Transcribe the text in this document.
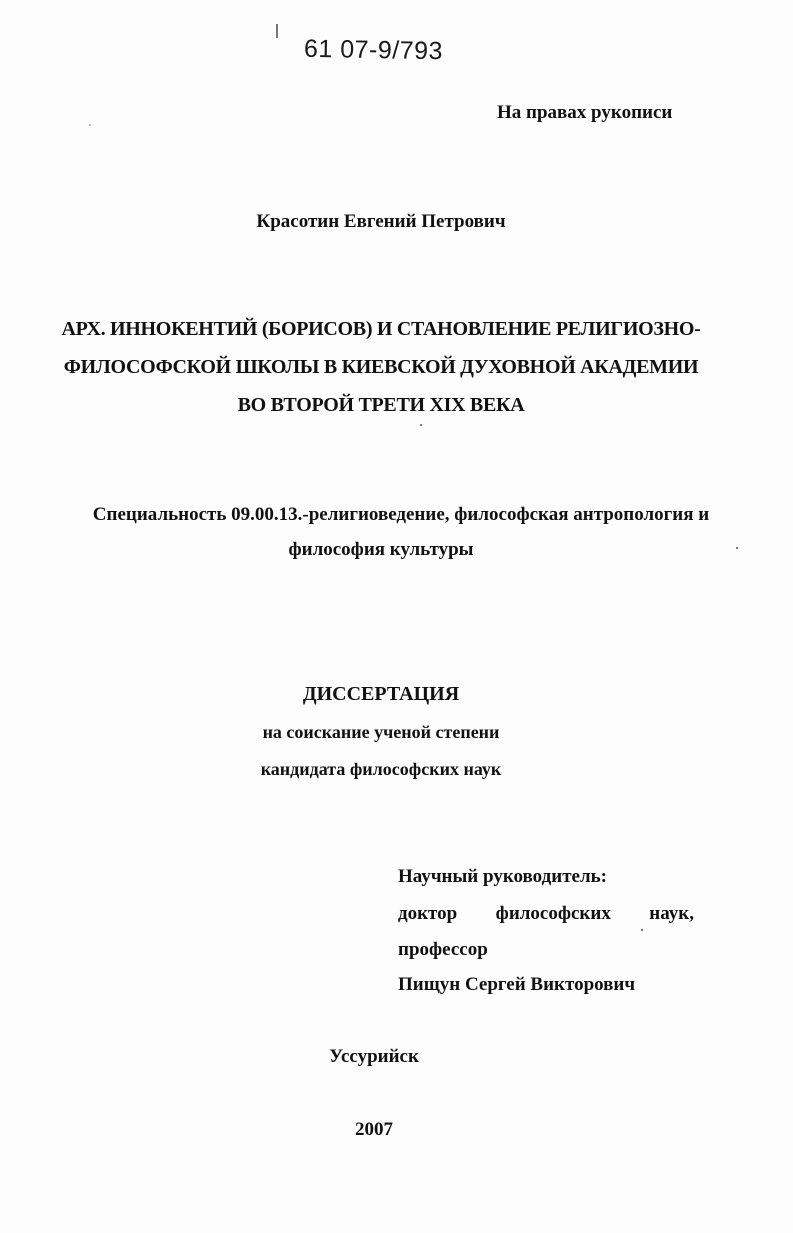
61 07-9/793
На правах рукописи
Красотин Евгений Петрович
АРХ. ИННОКЕНТИЙ (БОРИСОВ) И СТАНОВЛЕНИЕ РЕЛИГИОЗНО-
ФИЛОСОФСКОЙ ШКОЛЫ В КИЕВСКОЙ ДУХОВНОЙ АКАДЕМИИ
ВО ВТОРОЙ ТРЕТИ XIX ВЕКА
Специальность 09.00.13.-религиоведение, философская антропология и
философия культуры
ДИССЕРТАЦИЯ
на соискание ученой степени
кандидата философских наук
Научный руководитель:
доктор философских наук,
профессор
Пищун Сергей Викторович
Уссурийск
2007
